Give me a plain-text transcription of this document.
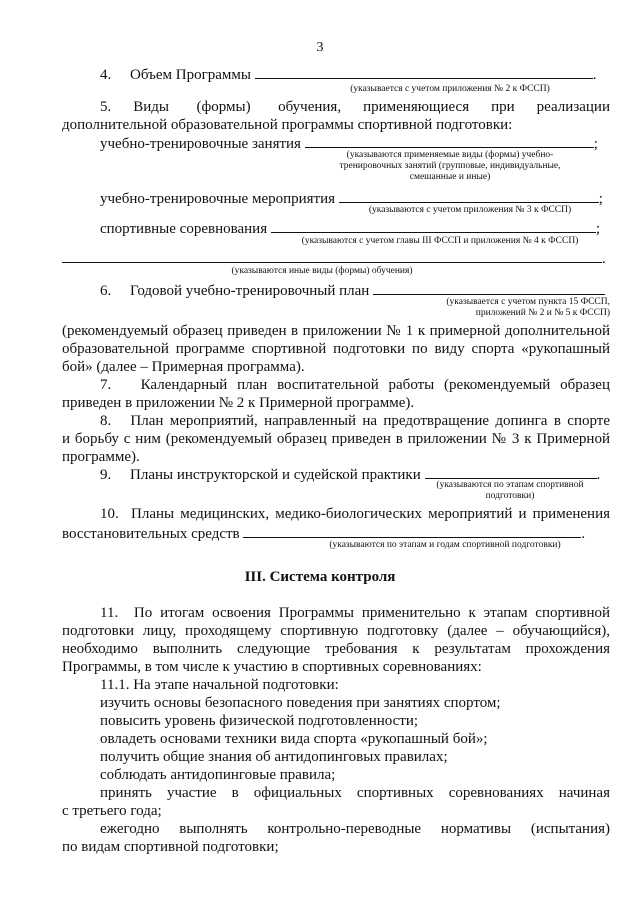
3
4.     Объем Программы	.
(указывается с учетом приложения № 2 к ФССП)
5.    Виды     (формы)     обучения,    применяющиеся    при    реализации
дополнительной образовательной программы спортивной подготовки:
учебно-тренировочные занятия	;
(указываются применяемые виды (формы) учебно-
тренировочных занятий (групповые, индивидуальные,
смешанные и иные)
учебно-тренировочные мероприятия	;
(указываются с учетом приложения № 3 к ФССП)
спортивные соревнования	;
(указываются с учетом главы III ФССП и приложения № 4 к ФССП)
.
(указываются иные виды (формы) обучения)
6.     Годовой учебно-тренировочный план
(указывается с учетом пункта 15 ФССП,
приложений № 2 и № 5 к ФССП)
(рекомендуемый образец приведен в приложении № 1 к примерной дополнительной
образовательной программе спортивной подготовки по виду спорта «рукопашный
бой» (далее – Примерная программа).
7.   Календарный план воспитательной работы (рекомендуемый образец
приведен в приложении № 2 к Примерной программе).
8.   План мероприятий, направленный на предотвращение допинга в спорте
и борьбу с ним (рекомендуемый образец приведен в приложении № 3 к Примерной
программе).
9.     Планы инструкторской и судейской практики	.
(указываются по этапам спортивной
подготовки)
10.  Планы медицинских, медико-биологических мероприятий и применения
восстановительных средств	.
(указываются по этапам и годам спортивной подготовки)
III. Система контроля
11.  По итогам освоения Программы применительно к этапам спортивной
подготовки лицу, проходящему спортивную подготовку (далее – обучающийся),
необходимо выполнить следующие требования к результатам прохождения
Программы, в том числе к участию в спортивных соревнованиях:
11.1. На этапе начальной подготовки:
изучить основы безопасного поведения при занятиях спортом;
повысить уровень физической подготовленности;
овладеть основами техники вида спорта «рукопашный бой»;
получить общие знания об антидопинговых правилах;
соблюдать антидопинговые правила;
принять  участие  в  официальных  спортивных  соревнованиях  начиная
с третьего года;
ежегодно   выполнять   контрольно-переводные   нормативы   (испытания)
по видам спортивной подготовки;
